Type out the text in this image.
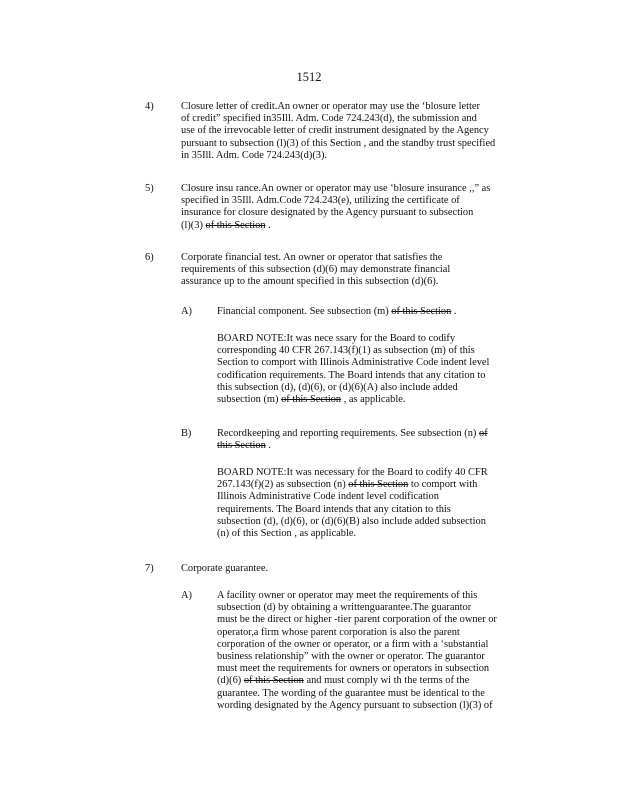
1512
4)	Closure letter of credit.An owner or operator may use the ‘blosure letter
of credit” specified in35Ill. Adm. Code 724.243(d), the submission and
use of the irrevocable letter of credit instrument designated by the Agency
pursuant to subsection (l)(3) of this Section , and the standby trust specified
in 35Ill. Adm. Code 724.243(d)(3).
5)	Closure insu rance.An owner or operator may use ‘blosure insurance ,,” as
specified in 35Ill. Adm.Code 724.243(e), utilizing the certificate of
insurance for closure designated by the Agency pursuant to subsection
(l)(3) of this Section .
6)	Corporate financial test. An owner or operator that satisfies the
requirements of this subsection (d)(6) may demonstrate financial
assurance up to the amount specified in this subsection (d)(6).
A) Financial component. See subsection (m) of this Section .
BOARD NOTE:It was nece ssary for the Board to codify
corresponding 40 CFR 267.143(f)(1) as subsection (m) of this
Section to comport with Illinois Administrative Code indent level
codification requirements. The Board intends that any citation to
this subsection (d), (d)(6), or (d)(6)(A) also include added
subsection (m) of this Section , as applicable.
B) Recordkeeping and reporting requirements. See subsection (n) of
this Section .
BOARD NOTE:It was necessary for the Board to codify 40 CFR
267.143(f)(2) as subsection (n) of this Section to comport with
Illinois Administrative Code indent level codification
requirements. The Board intends that any citation to this
subsection (d), (d)(6), or (d)(6)(B) also include added subsection
(n) of this Section , as applicable.
7)	Corporate guarantee.
A) A facility owner or operator may meet the requirements of this
subsection (d) by obtaining a writtenguarantee.The guarantor
must be the direct or higher -tier parent corporation of the owner or
operator,a firm whose parent corporation is also the parent
corporation of the owner or operator, or a firm with a ‘substantial
business relationship” with the owner or operator. The guarantor
must meet the requirements for owners or operators in subsection
(d)(6) of this Section and must comply wi th the terms of the
guarantee. The wording of the guarantee must be identical to the
wording designated by the Agency pursuant to subsection (l)(3) of
